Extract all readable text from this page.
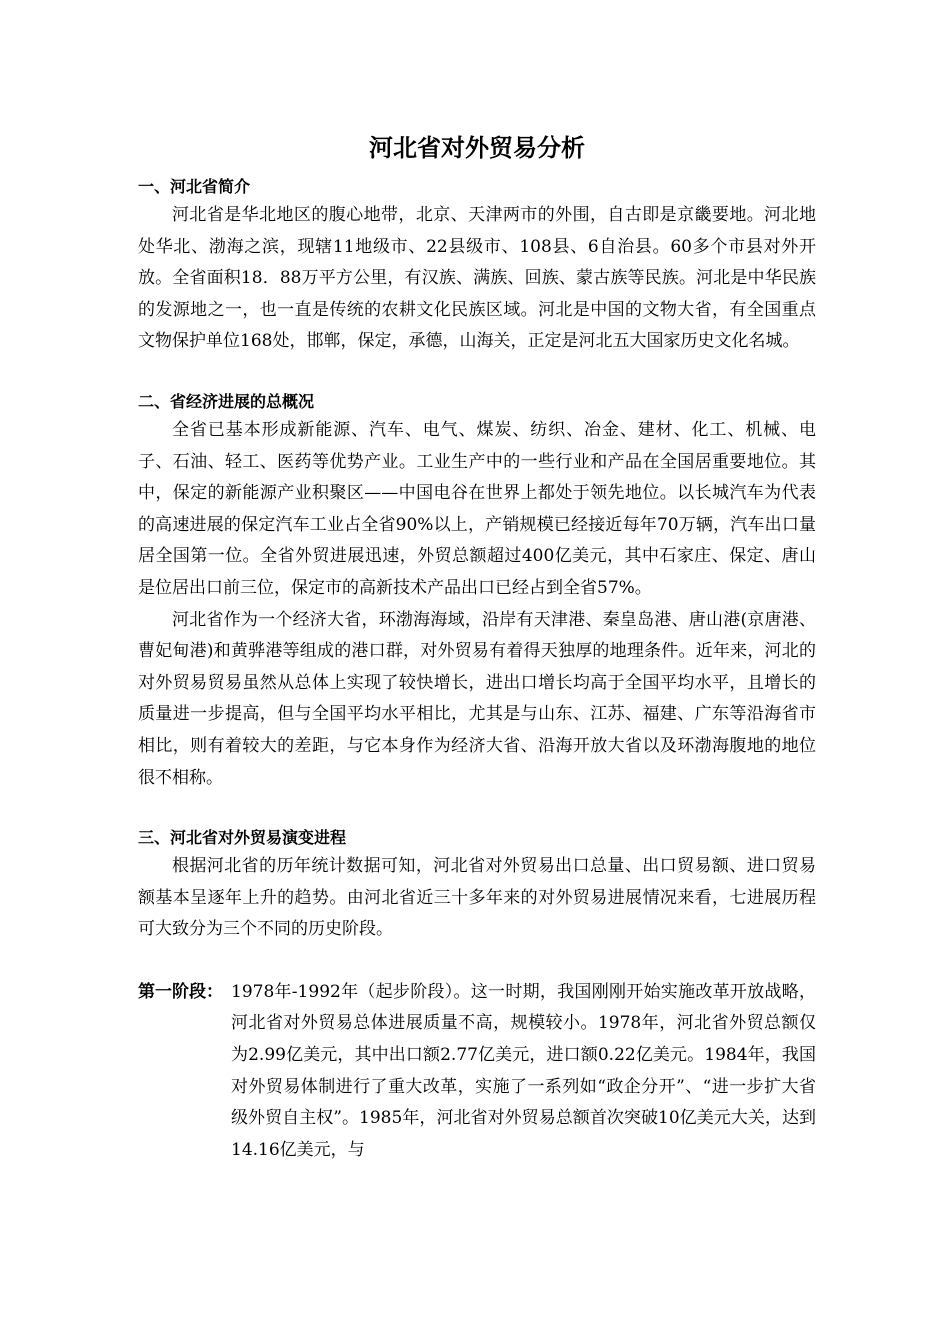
河北省对外贸易分析
一、河北省简介

河北省是华北地区的腹心地带，北京、天津两市的外围，自古即是京畿要地。河北地处华北、渤海之滨，现辖11地级市、22县级市、108县、6自治县。60多个市县对外开放。全省面积18．88万平方公里，有汉族、满族、回族、蒙古族等民族。河北是中华民族的发源地之一，也一直是传统的农耕文化民族区域。河北是中国的文物大省，有全国重点文物保护单位168处，邯郸，保定，承德，山海关，正定是河北五大国家历史文化名城。

二、省经济进展的总概况

全省已基本形成新能源、汽车、电气、煤炭、纺织、冶金、建材、化工、机械、电子、石油、轻工、医药等优势产业。工业生产中的一些行业和产品在全国居重要地位。其中，保定的新能源产业积聚区——中国电谷在世界上都处于领先地位。以长城汽车为代表的高速进展的保定汽车工业占全省90%以上，产销规模已经接近每年70万辆，汽车出口量居全国第一位。全省外贸进展迅速，外贸总额超过400亿美元，其中石家庄、保定、唐山是位居出口前三位，保定市的高新技术产品出口已经占到全省57%。

河北省作为一个经济大省，环渤海海域，沿岸有天津港、秦皇岛港、唐山港(京唐港、曹妃甸港)和黄骅港等组成的港口群，对外贸易有着得天独厚的地理条件。近年来，河北的对外贸易贸易虽然从总体上实现了较快增长，进出口增长均高于全国平均水平，且增长的质量进一步提高，但与全国平均水平相比，尤其是与山东、江苏、福建、广东等沿海省市相比，则有着较大的差距，与它本身作为经济大省、沿海开放大省以及环渤海腹地的地位很不相称。

三、河北省对外贸易演变进程

根据河北省的历年统计数据可知，河北省对外贸易出口总量、出口贸易额、进口贸易额基本呈逐年上升的趋势。由河北省近三十多年来的对外贸易进展情况来看，七进展历程可大致分为三个不同的历史阶段。

第一阶段： 1978年-1992年（起步阶段）。这一时期，我国刚刚开始实施改革开放战略，河北省对外贸易总体进展质量不高，规模较小。1978年，河北省外贸总额仅为2.99亿美元，其中出口额2.77亿美元，进口额0.22亿美元。1984年，我国对外贸易体制进行了重大改革，实施了一系列如“政企分开”、“进一步扩大省级外贸自主权”。1985年，河北省对外贸易总额首次突破10亿美元大关，达到14.16亿美元，与
